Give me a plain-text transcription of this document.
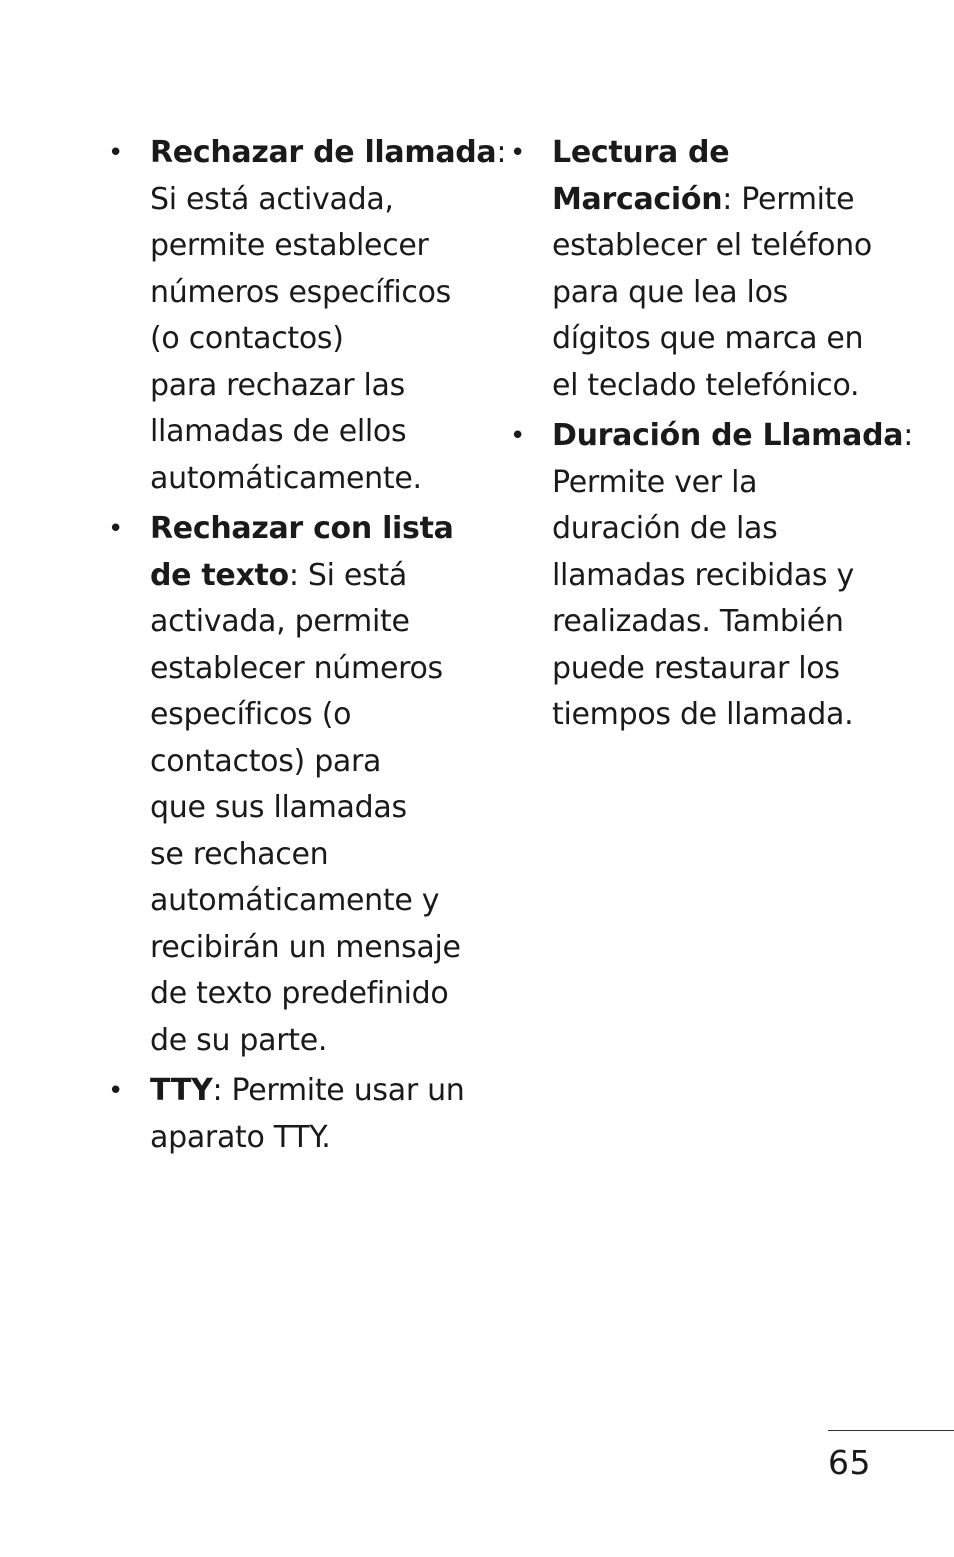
• Rechazar de llamada:
Si está activada,
permite establecer
números específicos
(o contactos)
para rechazar las
llamadas de ellos
automáticamente.
• Rechazar con lista
de texto: Si está
activada, permite
establecer números
específicos (o
contactos) para
que sus llamadas
se rechacen
automáticamente y
recibirán un mensaje
de texto predefinido
de su parte.
• TTY: Permite usar un
aparato TTY.
• Lectura de
Marcación: Permite
establecer el teléfono
para que lea los
dígitos que marca en
el teclado telefónico.
• Duración de Llamada:
Permite ver la
duración de las
llamadas recibidas y
realizadas. También
puede restaurar los
tiempos de llamada.
65
